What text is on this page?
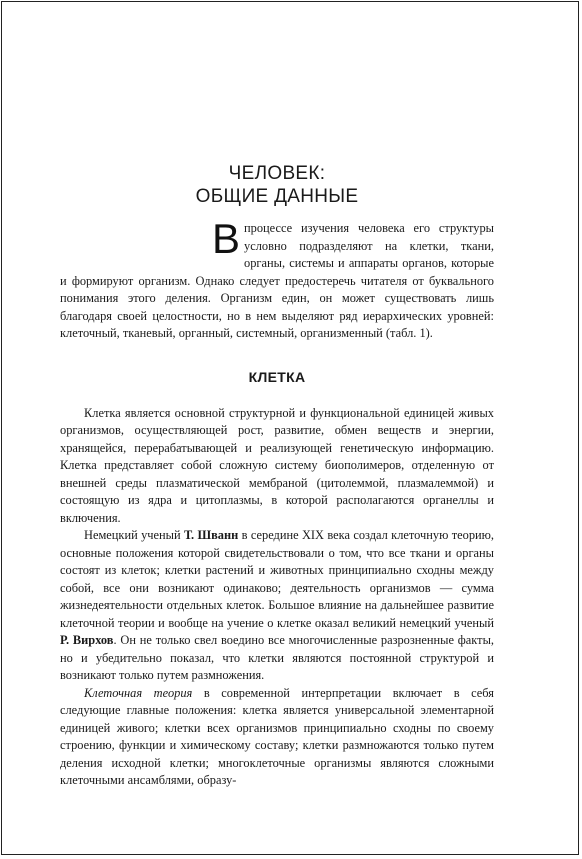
ЧЕЛОВЕК:
ОБЩИЕ ДАННЫЕ

Впроцессе изучения человека его структуры условно подразделяют на клетки, ткани, органы, системы и аппараты органов, которые и формируют организм. Однако следует предостеречь читателя от буквального понимания этого деления. Организм един, он может существовать лишь благодаря своей целостности, но в нем выделяют ряд иерархических уровней: клеточный, тканевый, органный, системный, организменный (табл. 1).

КЛЕТКА

Клетка является основной структурной и функциональной единицей живых организмов, осуществляющей рост, развитие, обмен веществ и энергии, хранящейся, перерабатывающей и реализующей генетическую информацию. Клетка представляет собой сложную систему биополимеров, отделенную от внешней среды плазматической мембраной (цитолеммой, плазмалеммой) и состоящую из ядра и цитоплазмы, в которой располагаются органеллы и включения.

Немецкий ученый Т. Шванн в середине XIX века создал клеточную теорию, основные положения которой свидетельствовали о том, что все ткани и органы состоят из клеток; клетки растений и животных принципиально сходны между собой, все они возникают одинаково; деятельность организмов — сумма жизнедеятельности отдельных клеток. Большое влияние на дальнейшее развитие клеточной теории и вообще на учение о клетке оказал великий немецкий ученый Р. Вирхов. Он не только свел воедино все многочисленные разрозненные факты, но и убедительно показал, что клетки являются постоянной структурой и возникают только путем размножения.

Клеточная теория в современной интерпретации включает в себя следующие главные положения: клетка является универсальной элементарной единицей живого; клетки всех организмов принципиально сходны по своему строению, функции и химическому составу; клетки размножаются только путем деления исходной клетки; многоклеточные организмы являются сложными клеточными ансамблями, образу-
